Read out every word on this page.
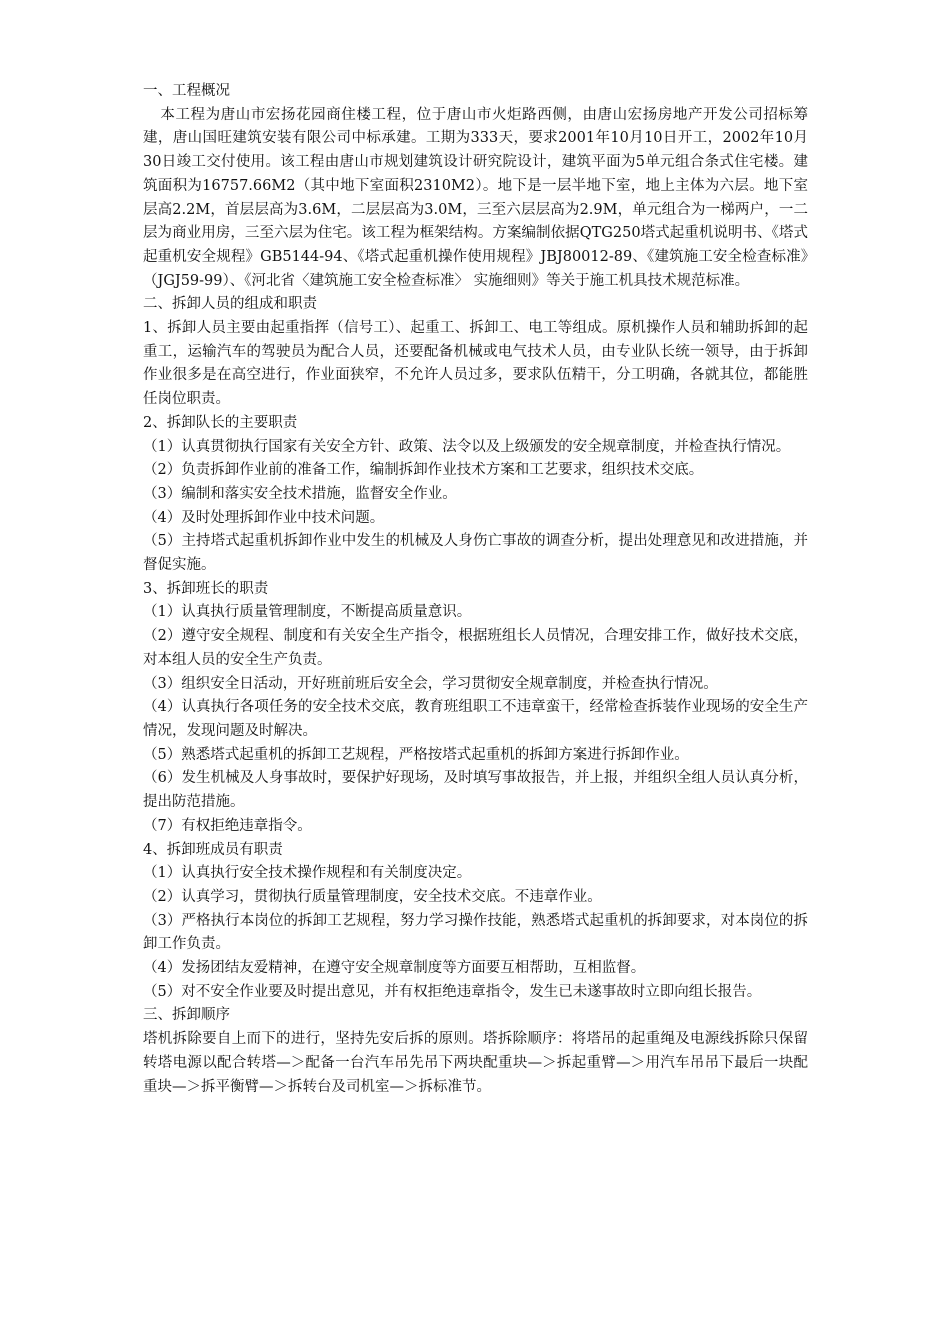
一、工程概况

本工程为唐山市宏扬花园商住楼工程，位于唐山市火炬路西侧，由唐山宏扬房地产开发公司招标筹建，唐山国旺建筑安装有限公司中标承建。工期为333天，要求2001年10月10日开工，2002年10月30日竣工交付使用。该工程由唐山市规划建筑设计研究院设计，建筑平面为5单元组合条式住宅楼。建筑面积为16757.66M2（其中地下室面积2310M2）。地下是一层半地下室，地上主体为六层。地下室层高2.2M，首层层高为3.6M，二层层高为3.0M，三至六层层高为2.9M，单元组合为一梯两户，一二层为商业用房，三至六层为住宅。该工程为框架结构。方案编制依据QTG250塔式起重机说明书、《塔式起重机安全规程》GB5144-94、《塔式起重机操作使用规程》JBJ80012-89、《建筑施工安全检查标准》（JGJ59-99）、《河北省〈建筑施工安全检查标准〉 实施细则》等关于施工机具技术规范标准。

二、拆卸人员的组成和职责

1、拆卸人员主要由起重指挥（信号工）、起重工、拆卸工、电工等组成。原机操作人员和辅助拆卸的起重工，运输汽车的驾驶员为配合人员，还要配备机械或电气技术人员，由专业队长统一领导，由于拆卸作业很多是在高空进行，作业面狭窄，不允许人员过多，要求队伍精干，分工明确，各就其位，都能胜任岗位职责。

2、拆卸队长的主要职责

（1）认真贯彻执行国家有关安全方针、政策、法令以及上级颁发的安全规章制度，并检查执行情况。

（2）负责拆卸作业前的准备工作，编制拆卸作业技术方案和工艺要求，组织技术交底。

（3）编制和落实安全技术措施，监督安全作业。

（4）及时处理拆卸作业中技术问题。

（5）主持塔式起重机拆卸作业中发生的机械及人身伤亡事故的调查分析，提出处理意见和改进措施，并督促实施。

3、拆卸班长的职责

（1）认真执行质量管理制度，不断提高质量意识。

（2）遵守安全规程、制度和有关安全生产指令，根据班组长人员情况，合理安排工作，做好技术交底，对本组人员的安全生产负责。

（3）组织安全日活动，开好班前班后安全会，学习贯彻安全规章制度，并检查执行情况。

（4）认真执行各项任务的安全技术交底，教育班组职工不违章蛮干，经常检查拆装作业现场的安全生产情况，发现问题及时解决。

（5）熟悉塔式起重机的拆卸工艺规程，严格按塔式起重机的拆卸方案进行拆卸作业。

（6）发生机械及人身事故时，要保护好现场，及时填写事故报告，并上报，并组织全组人员认真分析，提出防范措施。

（7）有权拒绝违章指令。

4、拆卸班成员有职责

（1）认真执行安全技术操作规程和有关制度决定。

（2）认真学习，贯彻执行质量管理制度，安全技术交底。不违章作业。

（3）严格执行本岗位的拆卸工艺规程，努力学习操作技能，熟悉塔式起重机的拆卸要求，对本岗位的拆卸工作负责。

（4）发扬团结友爱精神，在遵守安全规章制度等方面要互相帮助，互相监督。

（5）对不安全作业要及时提出意见，并有权拒绝违章指令，发生已未遂事故时立即向组长报告。

三、拆卸顺序

塔机拆除要自上而下的进行，坚持先安后拆的原则。塔拆除顺序：将塔吊的起重绳及电源线拆除只保留转塔电源以配合转塔—＞配备一台汽车吊先吊下两块配重块—＞拆起重臂—＞用汽车吊吊下最后一块配重块—＞拆平衡臂—＞拆转台及司机室—＞拆标准节。
